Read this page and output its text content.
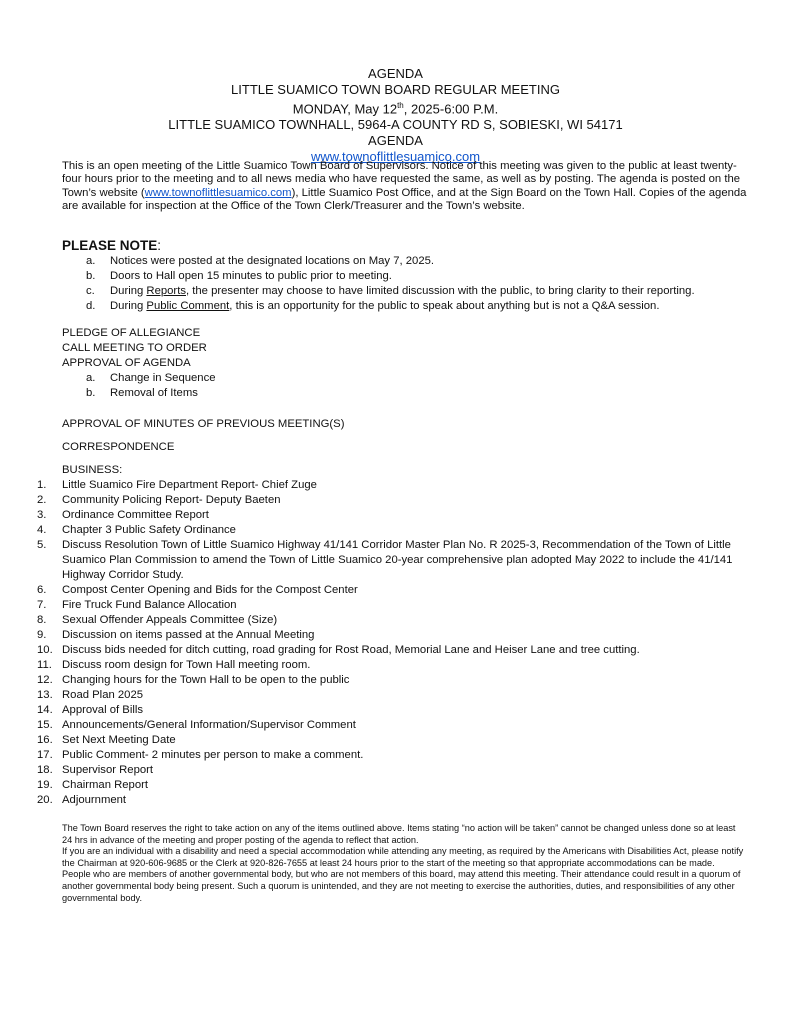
AGENDA
LITTLE SUAMICO TOWN BOARD REGULAR MEETING
MONDAY, May 12th, 2025-6:00 P.M.
LITTLE SUAMICO TOWNHALL, 5964-A COUNTY RD S, SOBIESKI, WI 54171
AGENDA
www.townoflittlesuamico.com
This is an open meeting of the Little Suamico Town Board of Supervisors. Notice of this meeting was given to the public at least twenty-four hours prior to the meeting and to all news media who have requested the same, as well as by posting. The agenda is posted on the Town’s website (www.townoflittlesuamico.com), Little Suamico Post Office, and at the Sign Board on the Town Hall. Copies of the agenda are available for inspection at the Office of the Town Clerk/Treasurer and the Town’s website.
PLEASE NOTE:
a. Notices were posted at the designated locations on May 7, 2025.
b. Doors to Hall open 15 minutes to public prior to meeting.
c. During Reports, the presenter may choose to have limited discussion with the public, to bring clarity to their reporting.
d. During Public Comment, this is an opportunity for the public to speak about anything but is not a Q&A session.
PLEDGE OF ALLEGIANCE
CALL MEETING TO ORDER
APPROVAL OF AGENDA
a. Change in Sequence
b. Removal of Items
APPROVAL OF MINUTES OF PREVIOUS MEETING(S)
CORRESPONDENCE
BUSINESS:
1.	Little Suamico Fire Department Report- Chief Zuge
2.	Community Policing Report- Deputy Baeten
3.	Ordinance Committee Report
4.	Chapter 3 Public Safety Ordinance
5.	Discuss Resolution Town of Little Suamico Highway 41/141 Corridor Master Plan No. R 2025-3, Recommendation of the Town of Little Suamico Plan Commission to amend the Town of Little Suamico 20-year comprehensive plan adopted May 2022 to include the 41/141 Highway Corridor Study.
6.	Compost Center Opening and Bids for the Compost Center
7.	Fire Truck Fund Balance Allocation
8.	Sexual Offender Appeals Committee (Size)
9.	Discussion on items passed at the Annual Meeting
10. Discuss bids needed for ditch cutting, road grading for Rost Road, Memorial Lane and Heiser Lane and tree cutting.
11. Discuss room design for Town Hall meeting room.
12. Changing hours for the Town Hall to be open to the public
13. Road Plan 2025
14. Approval of Bills
15. Announcements/General Information/Supervisor Comment
16. Set Next Meeting Date
17. Public Comment- 2 minutes per person to make a comment.
18. Supervisor Report
19. Chairman Report
20. Adjournment

The Town Board reserves the right to take action on any of the items outlined above. Items stating “no action will be taken” cannot be changed unless done so at least 24 hrs in advance of the meeting and proper posting of the agenda to reflect that action.

If you are an individual with a disability and need a special accommodation while attending any meeting, as required by the Americans with Disabilities Act, please notify the Chairman at 920-606-9685 or the Clerk at 920-826-7655 at least 24 hours prior to the start of the meeting so that appropriate accommodations can be made.

People who are members of another governmental body, but who are not members of this board, may attend this meeting. Their attendance could result in a quorum of another governmental body being present. Such a quorum is unintended, and they are not meeting to exercise the authorities, duties, and responsibilities of any other governmental body.
